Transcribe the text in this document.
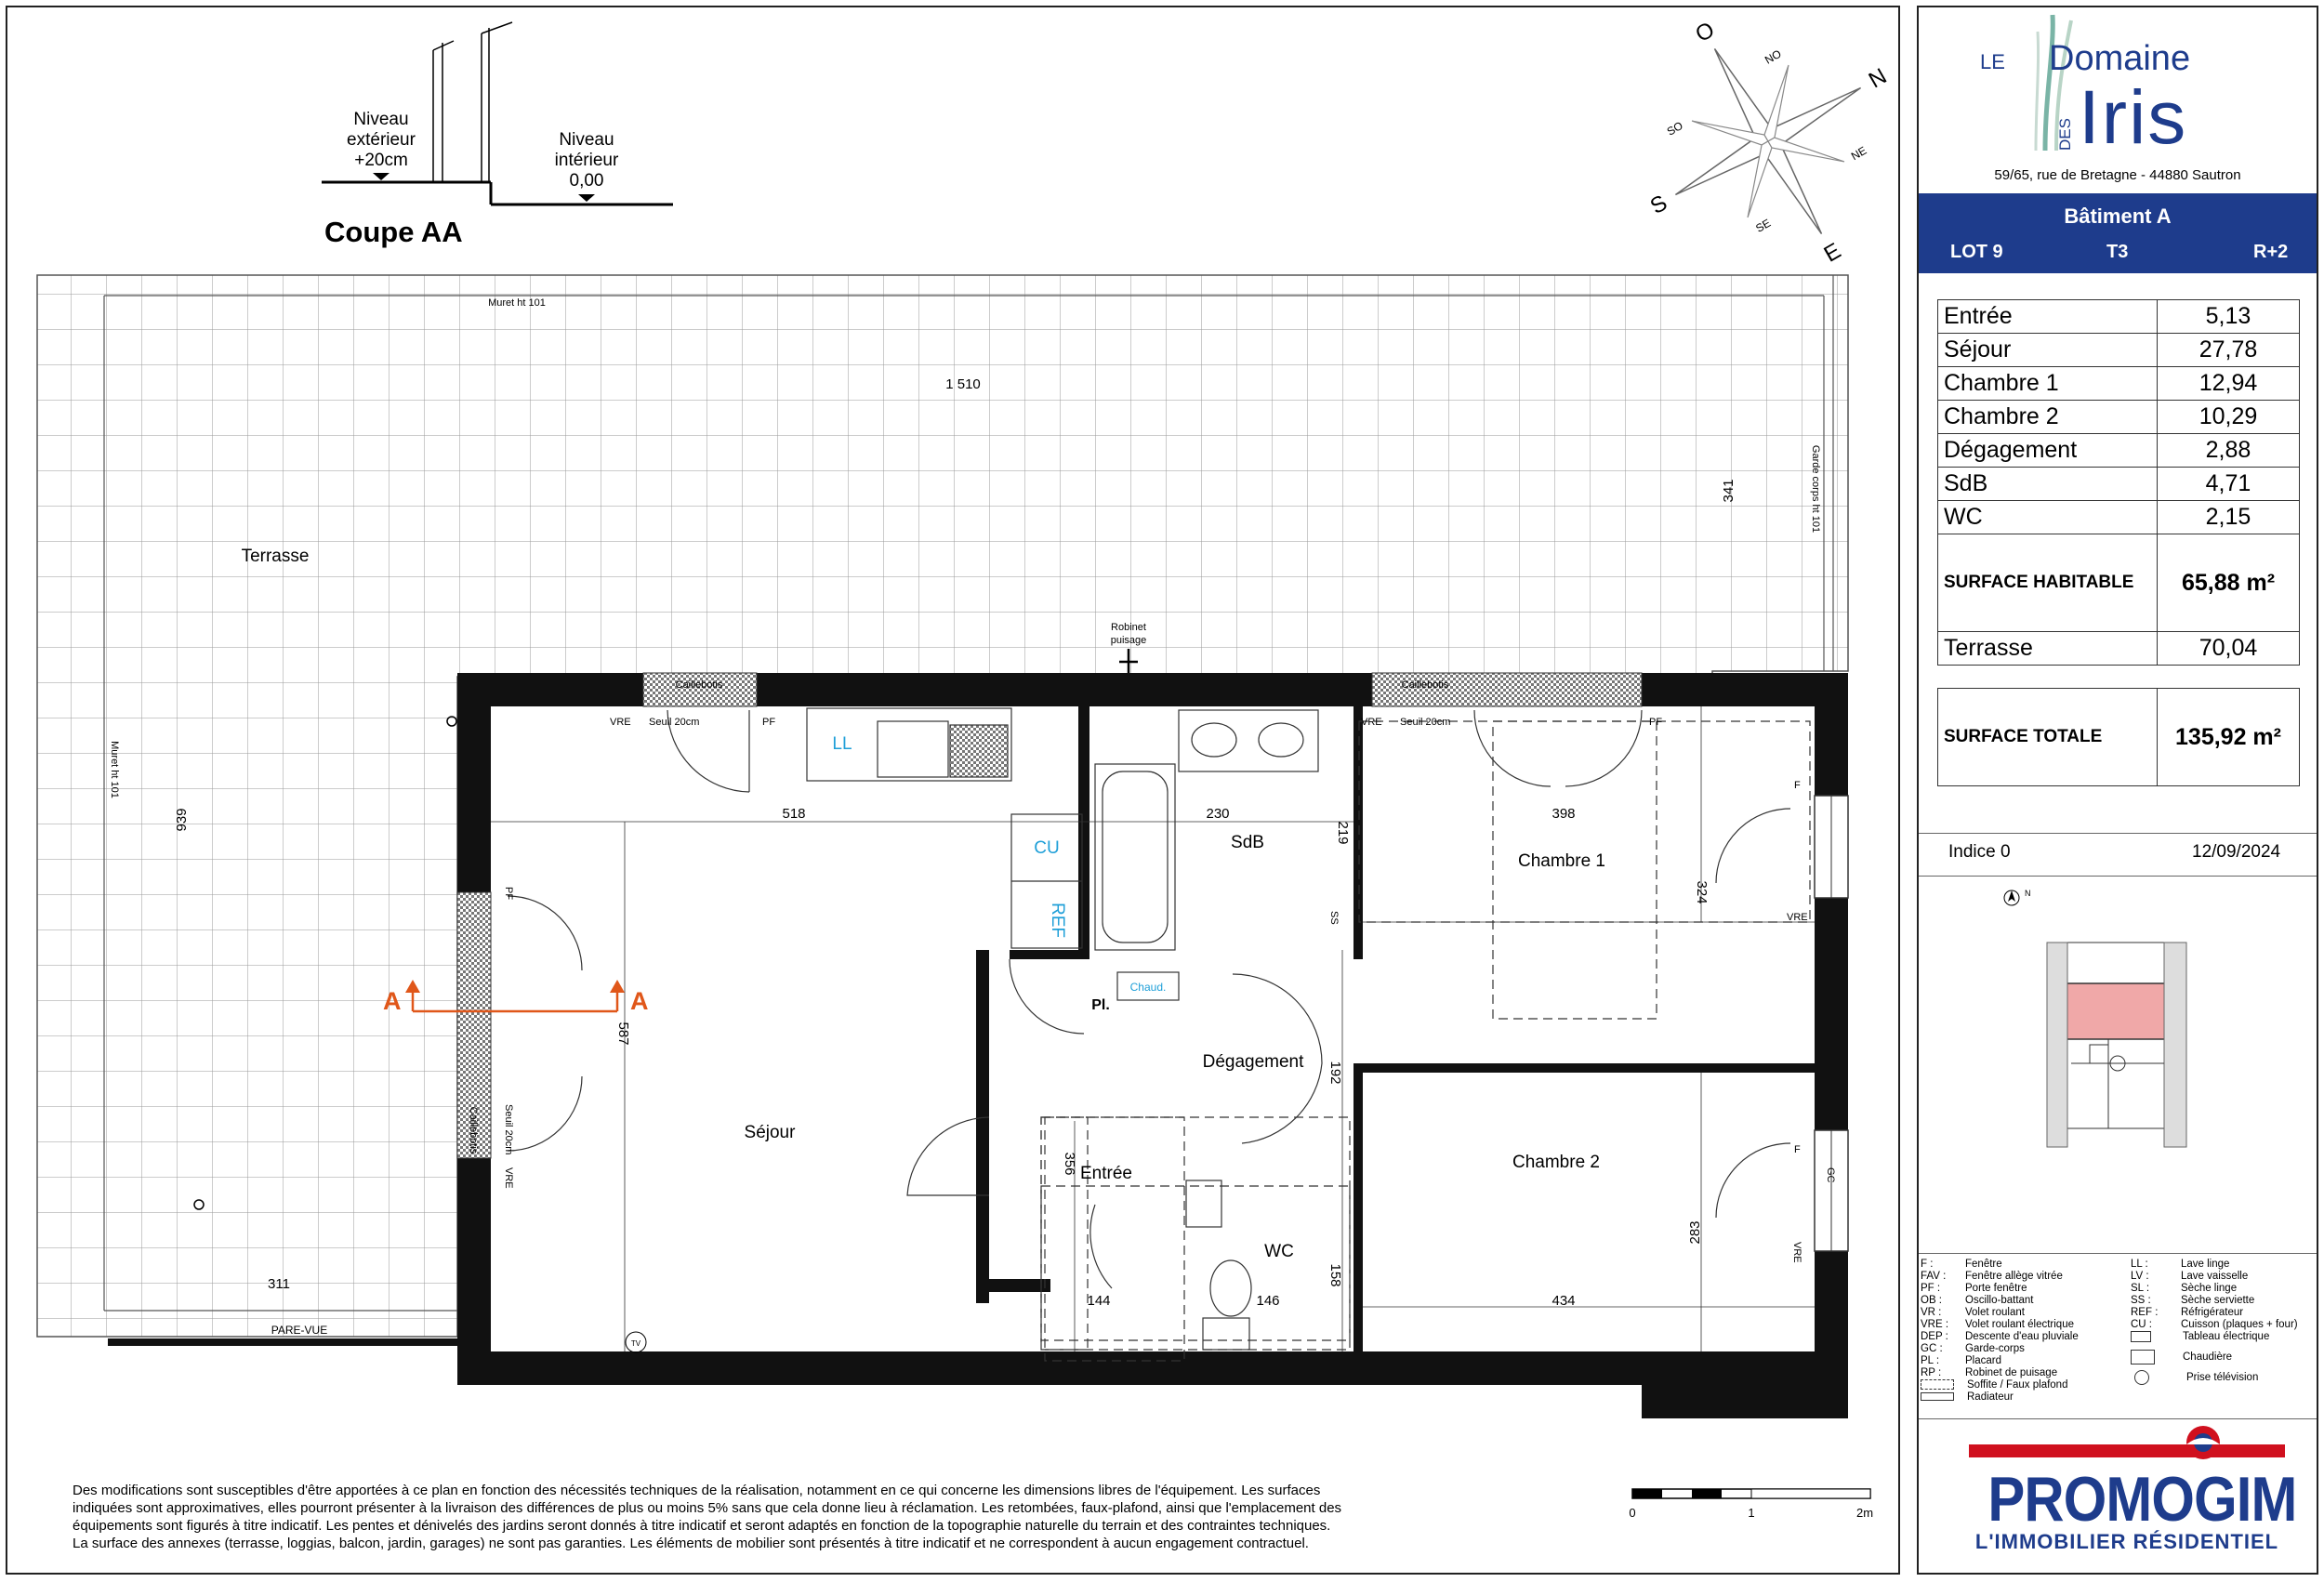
Niveau
extérieur
+20cm
Niveau
intérieur
0,00
Coupe AA
O
E
N
S
NO
NE
SE
SO
Terrasse
Muret ht 101
Muret ht 101
Garde corps ht 101
PARE-VUE
Robinet
puisage
1 510
341
939
311
Caillebotis	Caillebotis
Caillebotis	Séjour
Entrée
Dégagement
SdB
Chambre 1
Chambre 2
WC
Pl.
Chaud.
LL
CU
REF
VRE Seuil 20cm	PF	VRE Seuil 20cm	PF
PF
Seuil 20cm
VRE
SS
F
VRE
F
GC
VRE
TV
518	230
219
398
324
587
192
356
283
144	146
158
434
A	A
0	1	2m
Des modifications sont susceptibles d'être apportées à ce plan en fonction des nécessités techniques de la réalisation, notamment en ce qui concerne les dimensions libres de l'équipement. Les surfaces
indiquées sont approximatives, elles pourront présenter à la livraison des différences de plus ou moins 5% sans que cela donne lieu à réclamation. Les retombées, faux-plafond, ainsi que l'emplacement des
équipements sont figurés à titre indicatif. Les pentes et dénivelés des jardins seront donnés à titre indicatif et seront adaptés en fonction de la topographie naturelle du terrain et des contraintes techniques.
La surface des annexes (terrasse, loggias, balcon, jardin, garages) ne sont pas garanties. Les éléments de mobilier sont présentés à titre indicatif et ne correspondent à aucun engagement contractuel.
LE Domaine
DES Iris
59/65, rue de Bretagne - 44880 Sautron
Bâtiment A
LOT 9	T3	R+2
Entrée	5,13
Séjour	27,78
Chambre 1	12,94
Chambre 2	10,29
Dégagement	2,88
SdB	4,71
WC	2,15
SURFACE HABITABLE	65,88 m²
Terrasse	70,04
SURFACE TOTALE	135,92 m²
Indice 0	12/09/2024
N
F :	Fenêtre
FAV : Fenêtre allège vitrée
PF : Porte fenêtre
OB : Oscillo-battant
VR : Volet roulant
VRE : Volet roulant électrique
DEP : Descente d'eau pluviale
GC : Garde-corps
PL : Placard
RP : Robinet de puisage
Soffite / Faux plafond
Radiateur
LL :	Lave linge
LV :	Lave vaisselle
SL :	Sèche linge
SS :	Sèche serviette
REF : Réfrigérateur
CU :	Cuisson (plaques + four)
Tableau électrique
Chaudière
Prise télévision
PROMOGIM
L'IMMOBILIER RÉSIDENTIEL
